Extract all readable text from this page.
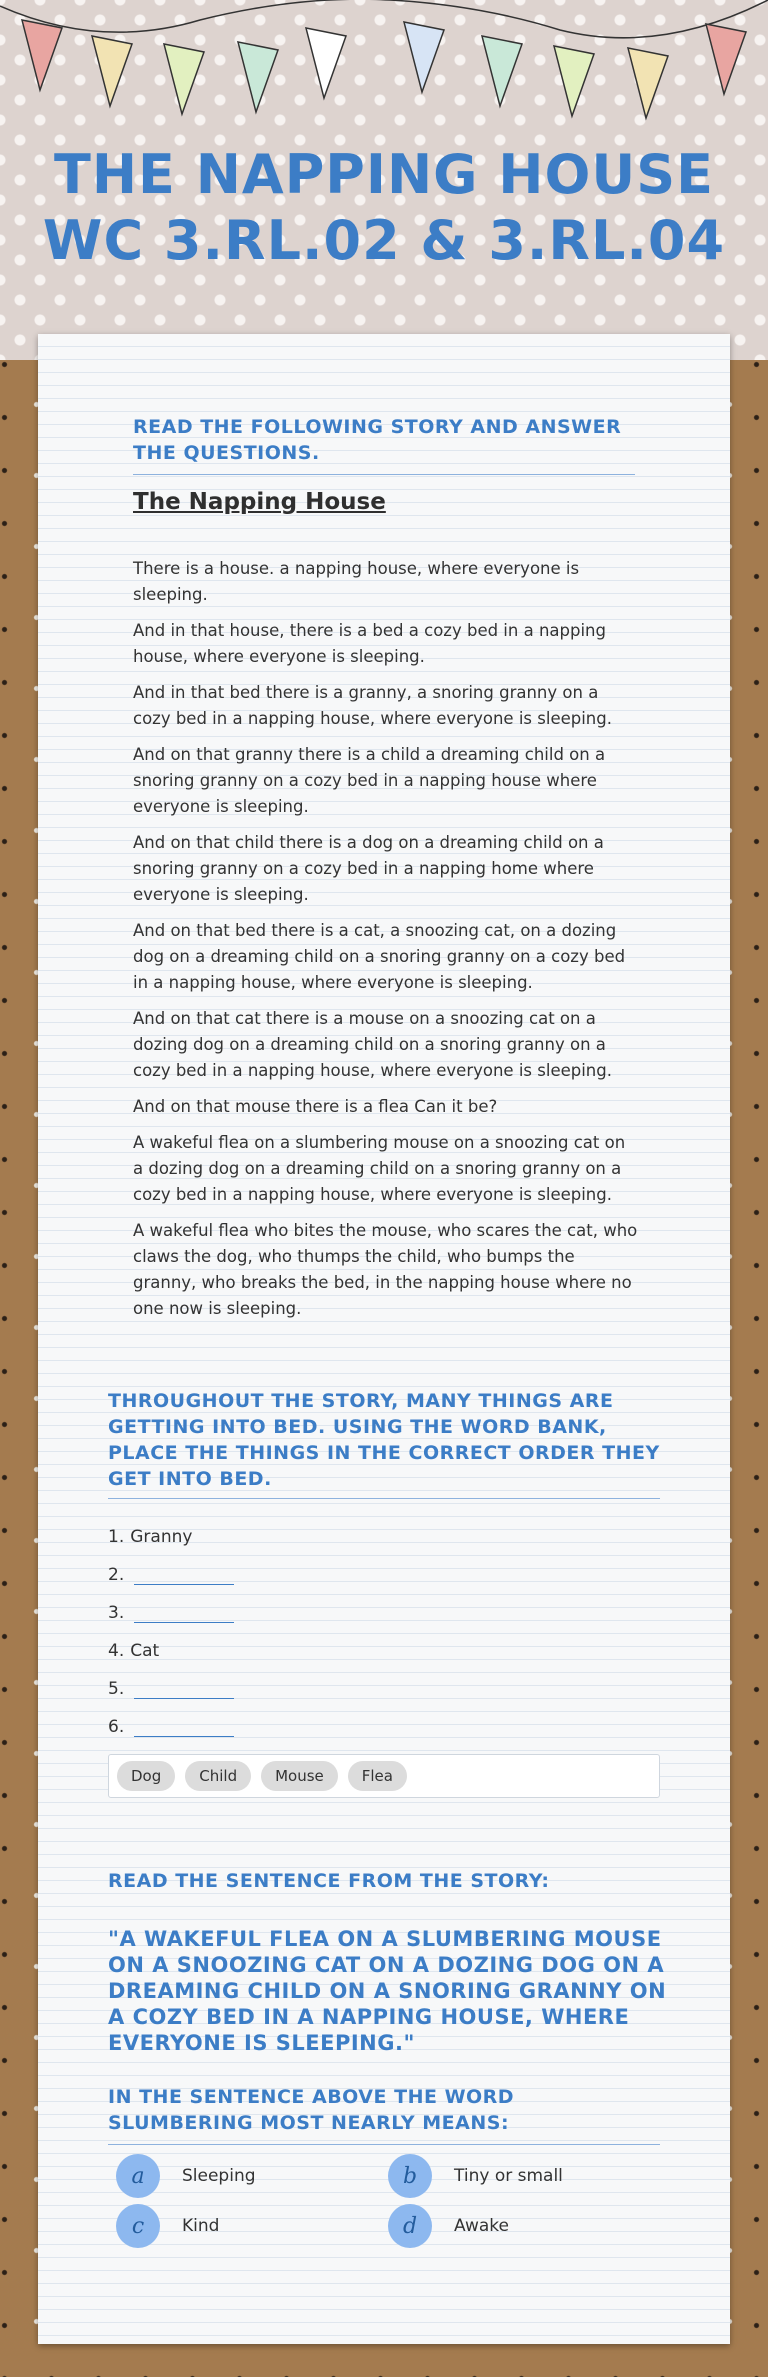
THE NAPPING HOUSE WC 3.RL.02 & 3.RL.04
READ THE FOLLOWING STORY AND ANSWER THE QUESTIONS.
The Napping House

There is a house. a napping house, where everyone is sleeping.

And in that house, there is a bed a cozy bed in a napping house, where everyone is sleeping.

And in that bed there is a granny, a snoring granny on a cozy bed in a napping house, where everyone is sleeping.

And on that granny there is a child a dreaming child on a snoring granny on a cozy bed in a napping house where everyone is sleeping.

And on that child there is a dog on a dreaming child on a snoring granny on a cozy bed in a napping home where everyone is sleeping.

And on that bed there is a cat, a snoozing cat, on a dozing dog on a dreaming child on a snoring granny on a cozy bed in a napping house, where everyone is sleeping.

And on that cat there is a mouse on a snoozing cat on a dozing dog on a dreaming child on a snoring granny on a cozy bed in a napping house, where everyone is sleeping.

And on that mouse there is a flea Can it be?

A wakeful flea on a slumbering mouse on a snoozing cat on a dozing dog on a dreaming child on a snoring granny on a cozy bed in a napping house, where everyone is sleeping.

A wakeful flea who bites the mouse, who scares the cat, who claws the dog, who thumps the child, who bumps the granny, who breaks the bed, in the napping house where no one now is sleeping.

THROUGHOUT THE STORY, MANY THINGS ARE GETTING INTO BED. USING THE WORD BANK, PLACE THE THINGS IN THE CORRECT ORDER THEY GET INTO BED.
1. Granny
2.
3.
4. Cat
5.
6.
Dog	Child	Mouse	Flea
READ THE SENTENCE FROM THE STORY:
"A WAKEFUL FLEA ON A SLUMBERING MOUSE ON A SNOOZING CAT ON A DOZING DOG ON A DREAMING CHILD ON A SNORING GRANNY ON A COZY BED IN A NAPPING HOUSE, WHERE EVERYONE IS SLEEPING."
IN THE SENTENCE ABOVE THE WORD SLUMBERING MOST NEARLY MEANS:
a	Sleeping	b	Tiny or small
c	Kind	d	Awake
